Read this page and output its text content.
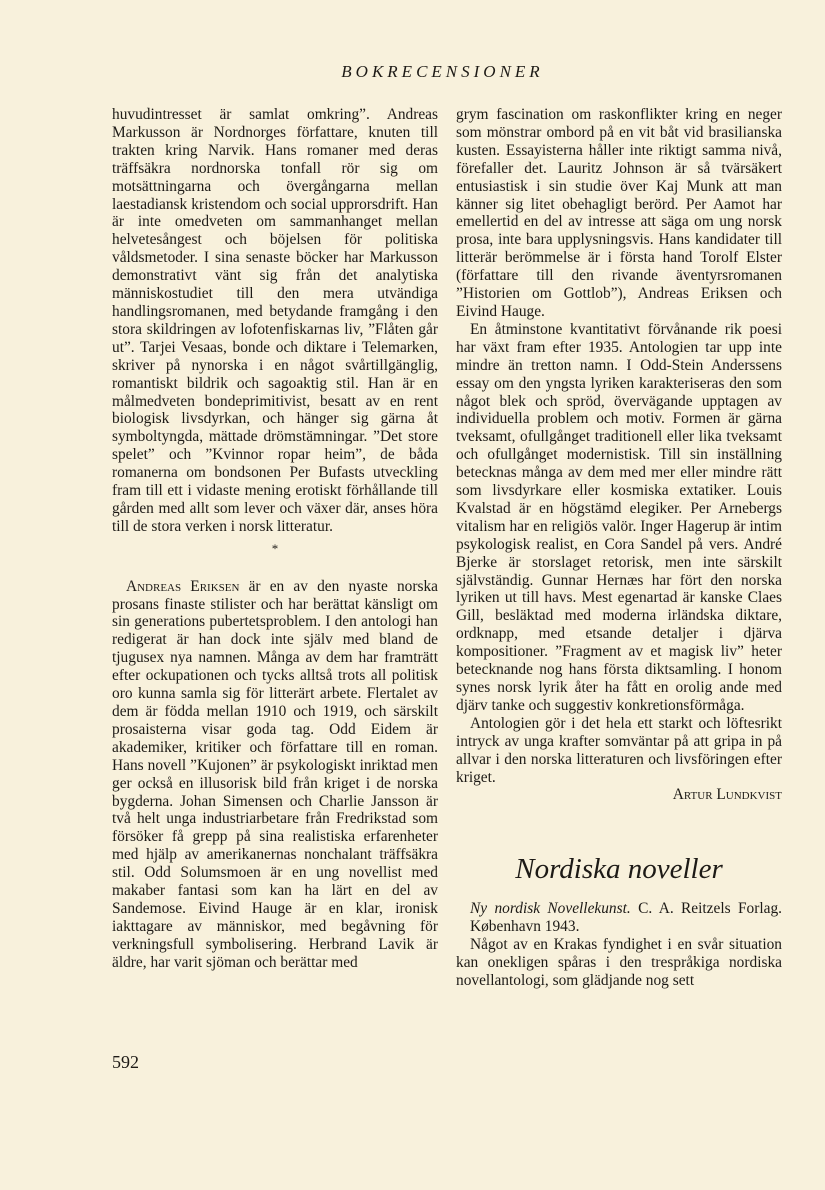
BOKRECENSIONER

huvudintresset är samlat omkring”. Andreas Markusson är Nordnorges författare, knuten till trakten kring Narvik. Hans romaner med deras träffsäkra nordnorska tonfall rör sig om motsättningarna och övergångarna mellan laestadiansk kristendom och social upprorsdrift. Han är inte omedveten om sammanhanget mellan helvetesångest och böjelsen för politiska våldsmetoder. I sina senaste böcker har Markusson demonstrativt vänt sig från det analytiska människostudiet till den mera utvändiga handlingsromanen, med betydande framgång i den stora skildringen av lofotenfiskarnas liv, ”Flåten går ut”. Tarjei Vesaas, bonde och diktare i Telemarken, skriver på nynorska i en något svårtillgänglig, romantiskt bildrik och sagoaktig stil. Han är en målmedveten bondeprimitivist, besatt av en rent biologisk livsdyrkan, och hänger sig gärna åt symboltyngda, mättade drömstämningar. ”Det store spelet” och ”Kvinnor ropar heim”, de båda romanerna om bondsonen Per Bufasts utveckling fram till ett i vidaste mening erotiskt förhållande till gården med allt som lever och växer där, anses höra till de stora verken i norsk litteratur.

*

Andreas Eriksen är en av den nyaste norska prosans finaste stilister och har berättat känsligt om sin generations pubertetsproblem. I den antologi han redigerat är han dock inte själv med bland de tjugusex nya namnen. Många av dem har framträtt efter ockupationen och tycks alltså trots all politisk oro kunna samla sig för litterärt arbete. Flertalet av dem är födda mellan 1910 och 1919, och särskilt prosaisterna visar goda tag. Odd Eidem är akademiker, kritiker och författare till en roman. Hans novell ”Kujonen” är psykologiskt inriktad men ger också en illusorisk bild från kriget i de norska bygderna. Johan Simensen och Charlie Jansson är två helt unga industriarbetare från Fredrikstad som försöker få grepp på sina realistiska erfarenheter med hjälp av amerikanernas nonchalant träffsäkra stil. Odd Solumsmoen är en ung novellist med makaber fantasi som kan ha lärt en del av Sandemose. Eivind Hauge är en klar, ironisk iakttagare av människor, med begåvning för verkningsfull symbolisering. Herbrand Lavik är äldre, har varit sjöman och berättar med

grym fascination om raskonflikter kring en neger som mönstrar ombord på en vit båt vid brasilianska kusten. Essayisterna håller inte riktigt samma nivå, förefaller det. Lauritz Johnson är så tvärsäkert entusiastisk i sin studie över Kaj Munk att man känner sig litet obehagligt berörd. Per Aamot har emellertid en del av intresse att säga om ung norsk prosa, inte bara upplysningsvis. Hans kandidater till litterär berömmelse är i första hand Torolf Elster (författare till den rivande äventyrsromanen ”Historien om Gottlob”), Andreas Eriksen och Eivind Hauge.

En åtminstone kvantitativt förvånande rik poesi har växt fram efter 1935. Antologien tar upp inte mindre än tretton namn. I Odd-Stein Anderssens essay om den yngsta lyriken karakteriseras den som något blek och spröd, övervägande upptagen av individuella problem och motiv. Formen är gärna tveksamt, ofullgånget traditionell eller lika tveksamt och ofullgånget modernistisk. Till sin inställning betecknas många av dem med mer eller mindre rätt som livsdyrkare eller kosmiska extatiker. Louis Kvalstad är en högstämd elegiker. Per Arnebergs vitalism har en religiös valör. Inger Hagerup är intim psykologisk realist, en Cora Sandel på vers. André Bjerke är storslaget retorisk, men inte särskilt självständig. Gunnar Hernæs har fört den norska lyriken ut till havs. Mest egenartad är kanske Claes Gill, besläktad med moderna irländska diktare, ordknapp, med etsande detaljer i djärva kompositioner. ”Fragment av et magisk liv” heter betecknande nog hans första diktsamling. I honom synes norsk lyrik åter ha fått en orolig ande med djärv tanke och suggestiv konkretionsförmåga.

Antologien gör i det hela ett starkt och löftesrikt intryck av unga krafter somväntar på att gripa in på allvar i den norska litteraturen och livsföringen efter kriget.

Artur Lundkvist

Nordiska noveller

Ny nordisk Novellekunst. C. A. Reitzels Forlag. København 1943.

Något av en Krakas fyndighet i en svår situation kan onekligen spåras i den trespråkiga nordiska novellantologi, som glädjande nog sett

592
